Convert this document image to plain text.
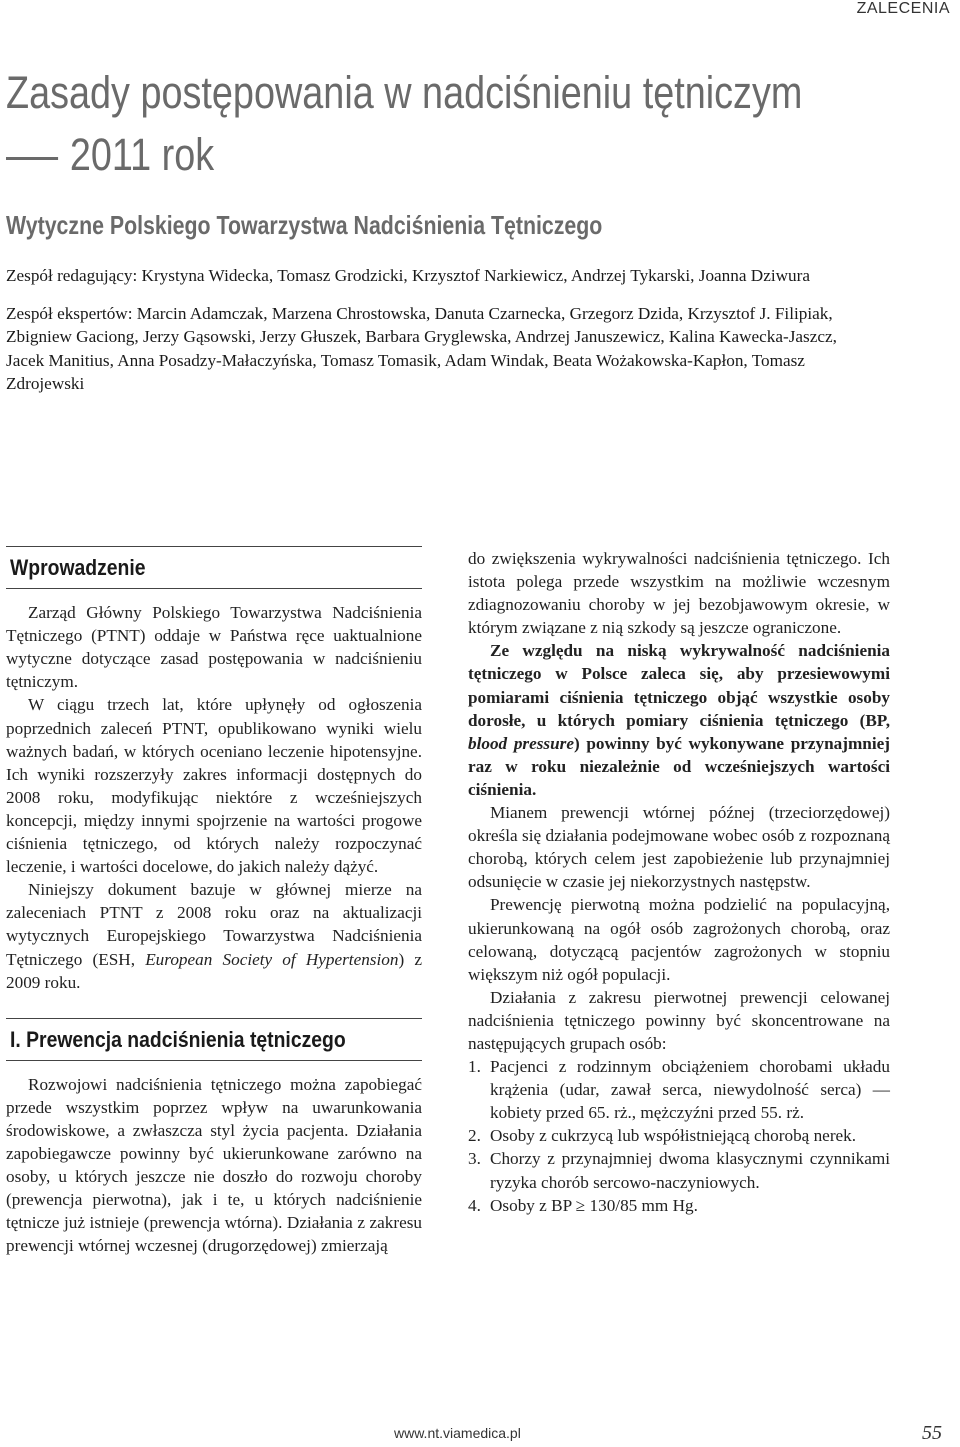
ZALECENIA
Zasady postępowania w nadciśnieniu tętniczym
2011 rok
Wytyczne Polskiego Towarzystwa Nadciśnienia Tętniczego

Zespół redagujący: Krystyna Widecka, Tomasz Grodzicki, Krzysztof Narkiewicz, Andrzej Tykarski, Joanna Dziwura

Zespół ekspertów: Marcin Adamczak, Marzena Chrostowska, Danuta Czarnecka, Grzegorz Dzida, Krzysztof J. Filipiak, Zbigniew Gaciong, Jerzy Gąsowski, Jerzy Głuszek, Barbara Gryglewska, Andrzej Januszewicz, Kalina Kawecka-Jaszcz, Jacek Manitius, Anna Posadzy-Małaczyńska, Tomasz Tomasik, Adam Windak, Beata Wożakowska-Kapłon, Tomasz Zdrojewski

Wprowadzenie

Zarząd Główny Polskiego Towarzystwa Nadciśnienia Tętniczego (PTNT) oddaje w Państwa ręce uaktualnione wytyczne dotyczące zasad postępowania w nadciśnieniu tętniczym.

W ciągu trzech lat, które upłynęły od ogłoszenia poprzednich zaleceń PTNT, opublikowano wyniki wielu ważnych badań, w których oceniano leczenie hipotensyjne. Ich wyniki rozszerzyły zakres informacji dostępnych do 2008 roku, modyfikując niektóre z wcześniejszych koncepcji, między innymi spojrzenie na wartości progowe ciśnienia tętniczego, od których należy rozpoczynać leczenie, i wartości docelowe, do jakich należy dążyć.

Niniejszy dokument bazuje w głównej mierze na zaleceniach PTNT z 2008 roku oraz na aktualizacji wytycznych Europejskiego Towarzystwa Nadciśnienia Tętniczego (ESH, European Society of Hypertension) z 2009 roku.

I. Prewencja nadciśnienia tętniczego

Rozwojowi nadciśnienia tętniczego można zapobiegać przede wszystkim poprzez wpływ na uwarunkowania środowiskowe, a zwłaszcza styl życia pacjenta. Działania zapobiegawcze powinny być ukierunkowane zarówno na osoby, u których jeszcze nie doszło do rozwoju choroby (prewencja pierwotna), jak i te, u których nadciśnienie tętnicze już istnieje (prewencja wtórna). Działania z zakresu prewencji wtórnej wczesnej (drugorzędowej) zmierzają

do zwiększenia wykrywalności nadciśnienia tętniczego. Ich istota polega przede wszystkim na możliwie wczesnym zdiagnozowaniu choroby w jej bezobjawowym okresie, w którym związane z nią szkody są jeszcze ograniczone.

Ze względu na niską wykrywalność nadciśnienia tętniczego w Polsce zaleca się, aby przesiewowymi pomiarami ciśnienia tętniczego objąć wszystkie osoby dorosłe, u których pomiary ciśnienia tętniczego (BP, blood pressure) powinny być wykonywane przynajmniej raz w roku niezależnie od wcześniejszych wartości ciśnienia.

Mianem prewencji wtórnej późnej (trzeciorzędowej) określa się działania podejmowane wobec osób z rozpoznaną chorobą, których celem jest zapobieżenie lub przynajmniej odsunięcie w czasie jej niekorzystnych następstw.

Prewencję pierwotną można podzielić na populacyjną, ukierunkowaną na ogół osób zagrożonych chorobą, oraz celowaną, dotyczącą pacjentów zagrożonych w stopniu większym niż ogół populacji.

Działania z zakresu pierwotnej prewencji celowanej nadciśnienia tętniczego powinny być skoncentrowane na następujących grupach osób:

1. Pacjenci z rodzinnym obciążeniem chorobami układu krążenia (udar, zawał serca, niewydolność serca) — kobiety przed 65. rż., mężczyźni przed 55. rż.
2. Osoby z cukrzycą lub współistniejącą chorobą nerek.
3. Chorzy z przynajmniej dwoma klasycznymi czynnikami ryzyka chorób sercowo-naczyniowych.
4. Osoby z BP ≥ 130/85 mm Hg.
www.nt.viamedica.pl	55
